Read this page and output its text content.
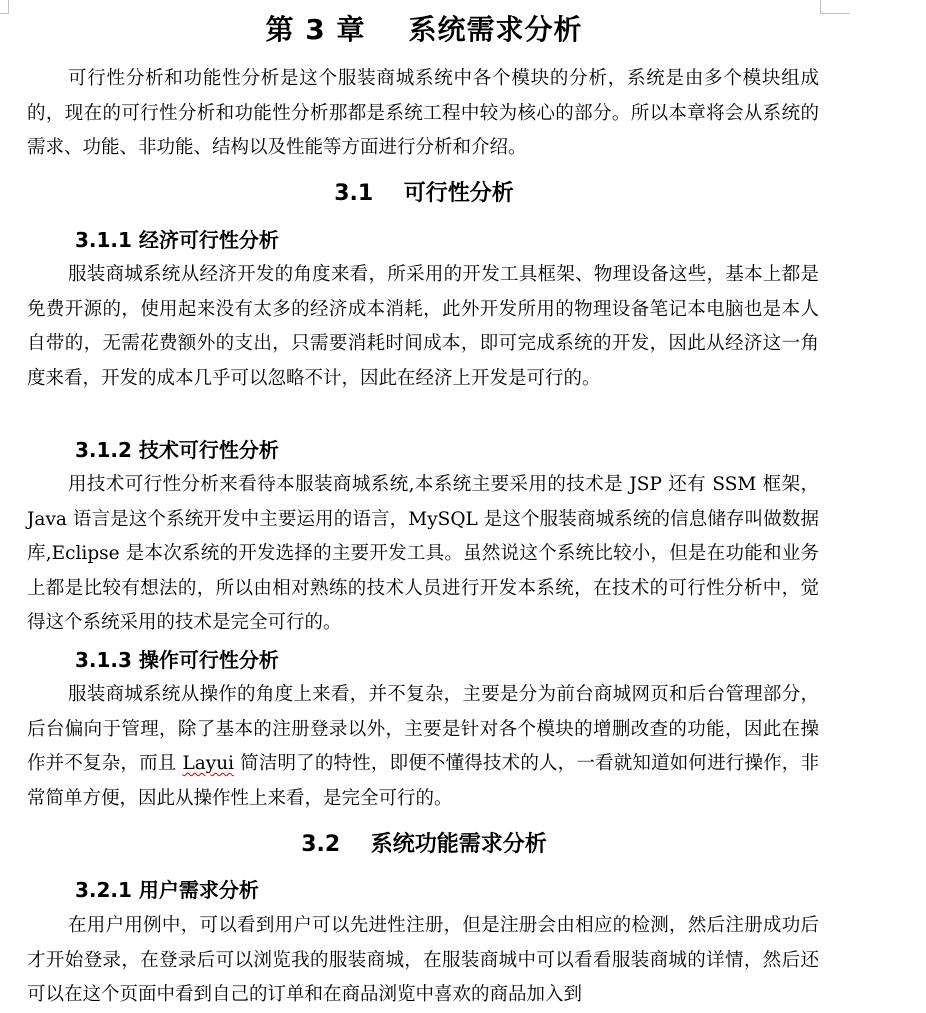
第 3 章    系统需求分析

可行性分析和功能性分析是这个服装商城系统中各个模块的分析，系统是由多个模块组成的，现在的可行性分析和功能性分析那都是系统工程中较为核心的部分。所以本章将会从系统的需求、功能、非功能、结构以及性能等方面进行分析和介绍。

3.1    可行性分析
3.1.1 经济可行性分析

服装商城系统从经济开发的角度来看，所采用的开发工具框架、物理设备这些，基本上都是免费开源的，使用起来没有太多的经济成本消耗，此外开发所用的物理设备笔记本电脑也是本人自带的，无需花费额外的支出，只需要消耗时间成本，即可完成系统的开发，因此从经济这一角度来看，开发的成本几乎可以忽略不计，因此在经济上开发是可行的。

3.1.2 技术可行性分析

用技术可行性分析来看待本服装商城系统,本系统主要采用的技术是 JSP 还有 SSM 框架，Java 语言是这个系统开发中主要运用的语言，MySQL 是这个服装商城系统的信息储存叫做数据库,Eclipse 是本次系统的开发选择的主要开发工具。虽然说这个系统比较小，但是在功能和业务上都是比较有想法的，所以由相对熟练的技术人员进行开发本系统，在技术的可行性分析中，觉得这个系统采用的技术是完全可行的。

3.1.3 操作可行性分析

服装商城系统从操作的角度上来看，并不复杂，主要是分为前台商城网页和后台管理部分，后台偏向于管理，除了基本的注册登录以外，主要是针对各个模块的增删改查的功能，因此在操作并不复杂，而且 Layui 简洁明了的特性，即便不懂得技术的人，一看就知道如何进行操作，非常简单方便，因此从操作性上来看，是完全可行的。

3.2    系统功能需求分析
3.2.1 用户需求分析

在用户用例中，可以看到用户可以先进性注册，但是注册会由相应的检测，然后注册成功后才开始登录，在登录后可以浏览我的服装商城，在服装商城中可以看看服装商城的详情，然后还可以在这个页面中看到自己的订单和在商品浏览中喜欢的商品加入到
